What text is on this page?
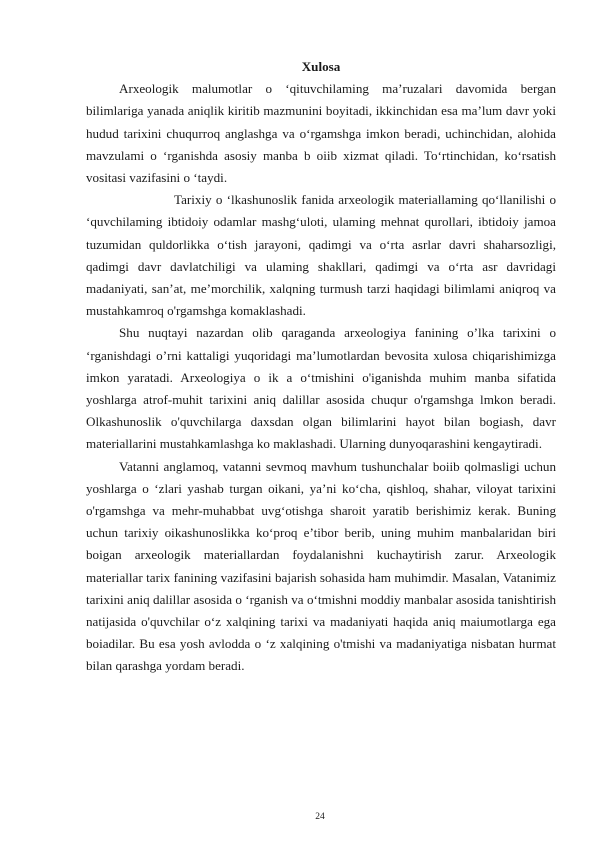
Xulosa

Arxeologik malumotlar o ‘qituvchilaming ma’ruzalari davomida bergan bilimlariga yanada aniqlik kiritib mazmunini boyitadi, ikkinchidan esa ma’lum davr yoki hudud tarixini chuqurroq anglashga va o‘rgamshga imkon beradi, uchinchidan, alohida mavzulami o ‘rganishda asosiy manba b oiib xizmat qiladi. To‘rtinchidan, ko‘rsatish vositasi vazifasini o ‘taydi.

Tarixiy o ‘lkashunoslik fanida arxeologik materiallaming qo‘llanilishi o ‘quvchilaming ibtidoiy odamlar mashg‘uloti, ulaming mehnat qurollari, ibtidoiy jamoa tuzumidan quldorlikka o‘tish jarayoni, qadimgi va o‘rta asrlar davri shaharsozligi, qadimgi davr davlatchiligi va ulaming shakllari, qadimgi va o‘rta asr davridagi madaniyati, san’at, me’morchilik, xalqning turmush tarzi haqidagi bilimlami aniqroq va mustahkamroq o'rgamshga komaklashadi.

Shu nuqtayi nazardan olib qaraganda arxeologiya fanining o’lka tarixini o ‘rganishdagi o’rni kattaligi yuqoridagi ma’lumotlardan bevosita xulosa chiqarishimizga imkon yaratadi. Arxeologiya o ik a o‘tmishini o'iganishda muhim manba sifatida yoshlarga atrof-muhit tarixini aniq dalillar asosida chuqur o'rgamshga lmkon beradi. Olkashunoslik o'quvchilarga daxsdan olgan bilimlarini hayot bilan bogiash, davr materiallarini mustahkamlashga ko maklashadi. Ularning dunyoqarashini kengaytiradi.

Vatanni anglamoq, vatanni sevmoq mavhum tushunchalar boiib qolmasligi uchun yoshlarga o ‘zlari yashab turgan oikani, ya’ni ko‘cha, qishloq, shahar, viloyat tarixini o'rgamshga va mehr-muhabbat uvg‘otishga sharoit yaratib berishimiz kerak. Buning uchun tarixiy oikashunoslikka ko‘proq e’tibor berib, uning muhim manbalaridan biri boigan arxeologik materiallardan foydalanishni kuchaytirish zarur. Arxeologik materiallar tarix fanining vazifasini bajarish sohasida ham muhimdir. Masalan, Vatanimiz tarixini aniq dalillar asosida o ‘rganish va o‘tmishni moddiy manbalar asosida tanishtirish natijasida o'quvchilar o‘z xalqining tarixi va madaniyati haqida aniq maiumotlarga ega boiadilar. Bu esa yosh avlodda o ‘z xalqining o'tmishi va madaniyatiga nisbatan hurmat bilan qarashga yordam beradi.

24
